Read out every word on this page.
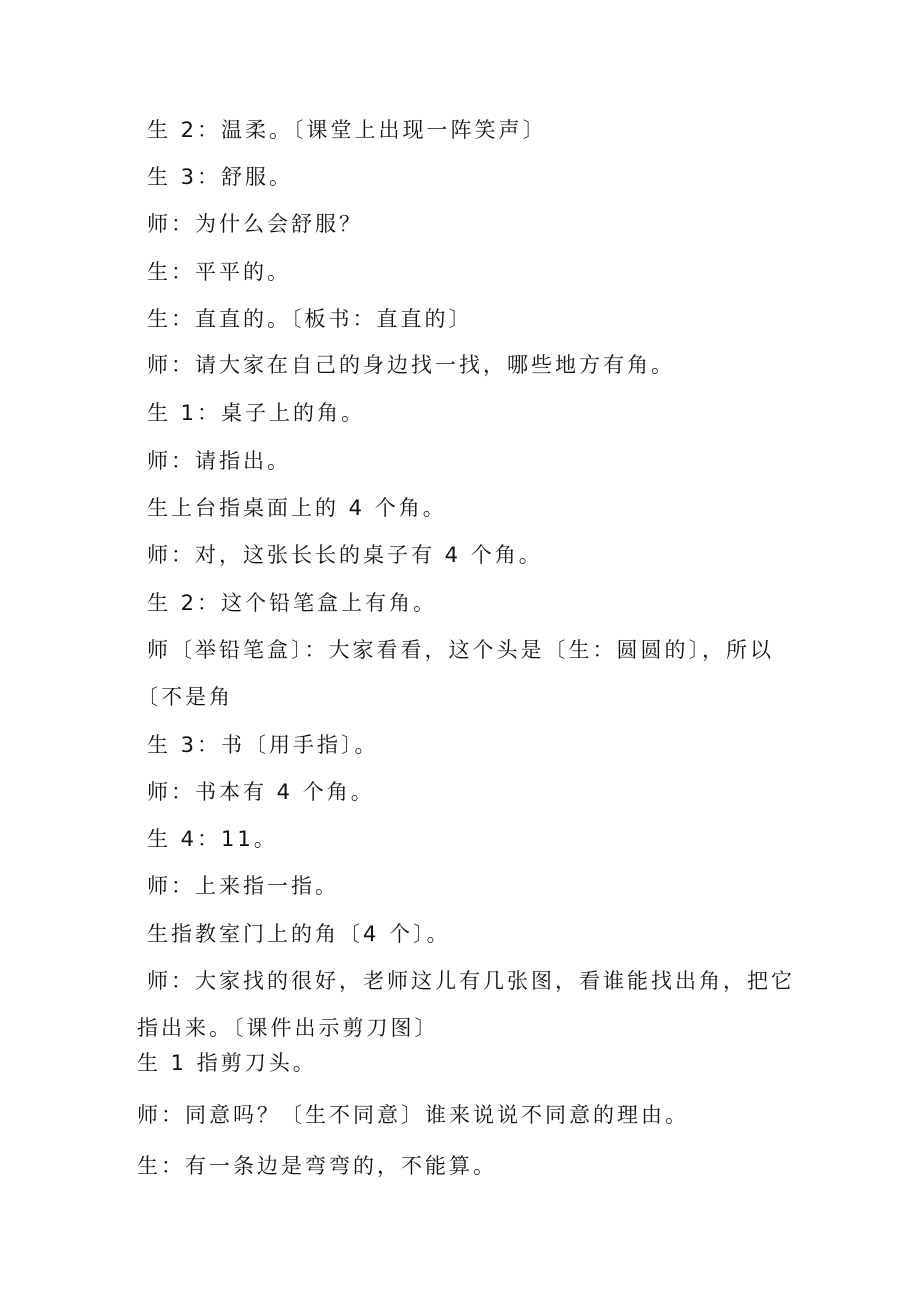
生 2：温柔。〔课堂上出现一阵笑声〕
生 3：舒服。
师：为什么会舒服？
生：平平的。
生：直直的。〔板书：直直的〕
师：请大家在自己的身边找一找，哪些地方有角。
生 1：桌子上的角。
师：请指出。
生上台指桌面上的 4 个角。
师：对，这张长长的桌子有 4 个角。
生 2：这个铅笔盒上有角。
师〔举铅笔盒〕：大家看看，这个头是〔生：圆圆的〕，所以
〔不是角
生 3：书〔用手指〕。
师：书本有 4 个角。
生 4：11。
师：上来指一指。
生指教室门上的角〔4 个〕。
师：大家找的很好，老师这儿有几张图，看谁能找出角，把它
指出来。〔课件出示剪刀图〕
生 1 指剪刀头。
师：同意吗？〔生不同意〕谁来说说不同意的理由。
生：有一条边是弯弯的，不能算。
